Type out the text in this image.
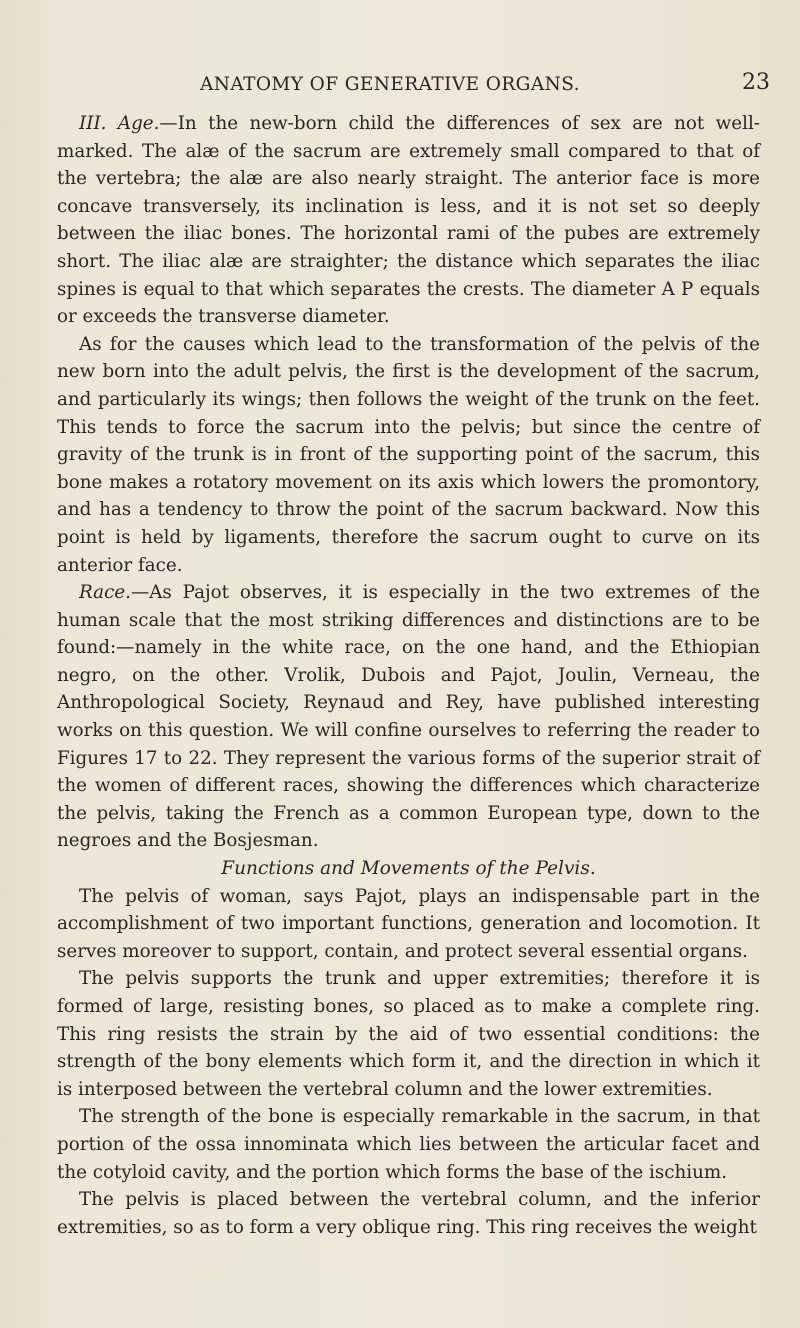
ANATOMY OF GENERATIVE ORGANS.	23

III. Age.—In the new-born child the differences of sex are not well-marked. The alæ of the sacrum are extremely small compared to that of the vertebra; the alæ are also nearly straight. The anterior face is more concave transversely, its inclination is less, and it is not set so deeply between the iliac bones. The horizontal rami of the pubes are extremely short. The iliac alæ are straighter; the distance which separates the iliac spines is equal to that which separates the crests. The diameter A P equals or exceeds the transverse diameter.

As for the causes which lead to the transformation of the pelvis of the new born into the adult pelvis, the first is the development of the sacrum, and particularly its wings; then follows the weight of the trunk on the feet. This tends to force the sacrum into the pelvis; but since the centre of gravity of the trunk is in front of the supporting point of the sacrum, this bone makes a rotatory movement on its axis which lowers the promontory, and has a tendency to throw the point of the sacrum backward. Now this point is held by ligaments, therefore the sacrum ought to curve on its anterior face.

Race.—As Pajot observes, it is especially in the two extremes of the human scale that the most striking differences and distinctions are to be found:—namely in the white race, on the one hand, and the Ethiopian negro, on the other. Vrolik, Dubois and Pajot, Joulin, Verneau, the Anthropological Society, Reynaud and Rey, have published interesting works on this question. We will confine ourselves to referring the reader to Figures 17 to 22. They represent the various forms of the superior strait of the women of different races, showing the differences which characterize the pelvis, taking the French as a common European type, down to the negroes and the Bosjesman.

Functions and Movements of the Pelvis.

The pelvis of woman, says Pajot, plays an indispensable part in the accomplishment of two important functions, generation and locomotion. It serves moreover to support, contain, and protect several essential organs.

The pelvis supports the trunk and upper extremities; therefore it is formed of large, resisting bones, so placed as to make a complete ring. This ring resists the strain by the aid of two essential conditions: the strength of the bony elements which form it, and the direction in which it is interposed between the vertebral column and the lower extremities.

The strength of the bone is especially remarkable in the sacrum, in that portion of the ossa innominata which lies between the articular facet and the cotyloid cavity, and the portion which forms the base of the ischium.

The pelvis is placed between the vertebral column, and the inferior extremities, so as to form a very oblique ring. This ring receives the weight
